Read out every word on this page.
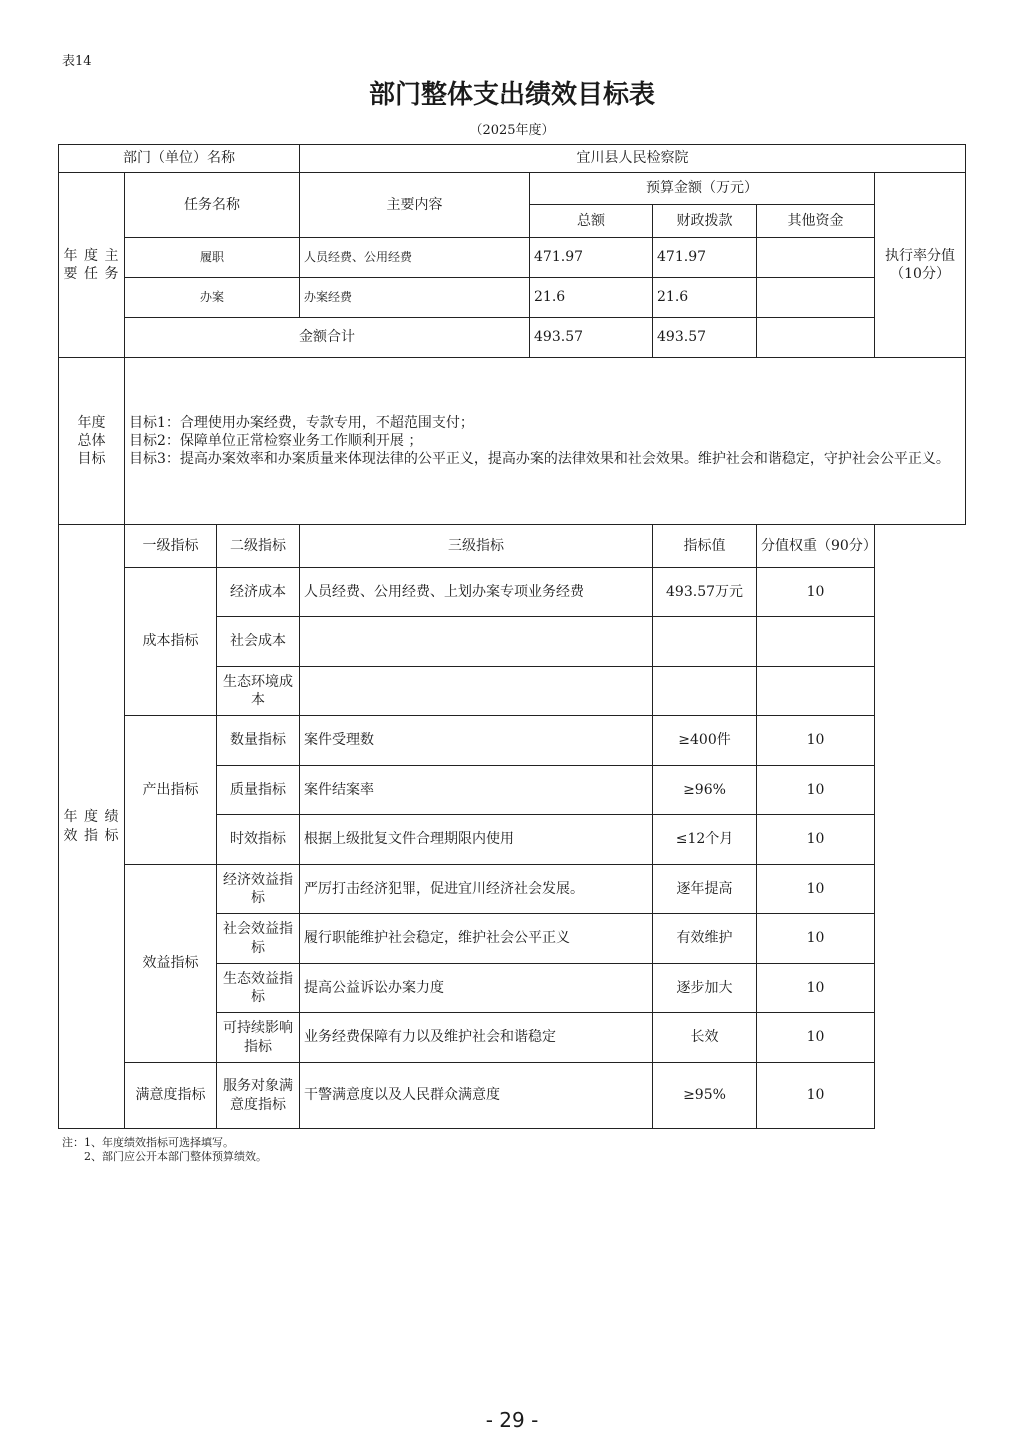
表14
部门整体支出绩效目标表
（2025年度）
部门（单位）名称			宜川县人民检察院				
年 度 主 要 任 务	任务名称		主要内容	预算金额（万元）			执行率分值（10分）
				总额	财政拨款	其他资金	
	履职		人员经费、公用经费	471.97	471.97		
	办案		办案经费	21.6	21.6		
	金额合计			493.57	493.57		
年度总体目标	目标1：合理使用办案经费，专款专用，不超范围支付；
目标2：保障单位正常检察业务工作顺利开展 ；
目标3：提高办案效率和办案质量来体现法律的公平正义，提高办案的法律效果和社会效果。维护社会和谐稳定，守护社会公平正义。						

年 度 绩 效 指 标	一级指标	二级指标	三级指标		指标值	分值权重（90分）	
	成本指标	经济成本	人员经费、公用经费、上划办案专项业务经费		493.57万元	10	
		社会成本					
		生态环境成本					
	产出指标	数量指标	案件受理数		≥400件	10	
		质量指标	案件结案率		≥96%	10	
		时效指标	根据上级批复文件合理期限内使用		≤12个月	10	
	效益指标	经济效益指标	严厉打击经济犯罪，促进宜川经济社会发展。		逐年提高	10	
		社会效益指标	履行职能维护社会稳定，维护社会公平正义		有效维护	10	
		生态效益指标	提高公益诉讼办案力度		逐步加大	10	
		可持续影响指标	业务经费保障有力以及维护社会和谐稳定		长效	10	
	满意度指标	服务对象满意度指标	干警满意度以及人民群众满意度		≥95%	10	
注：1、年度绩效指标可选择填写。
2、部门应公开本部门整体预算绩效。
- 29 -
